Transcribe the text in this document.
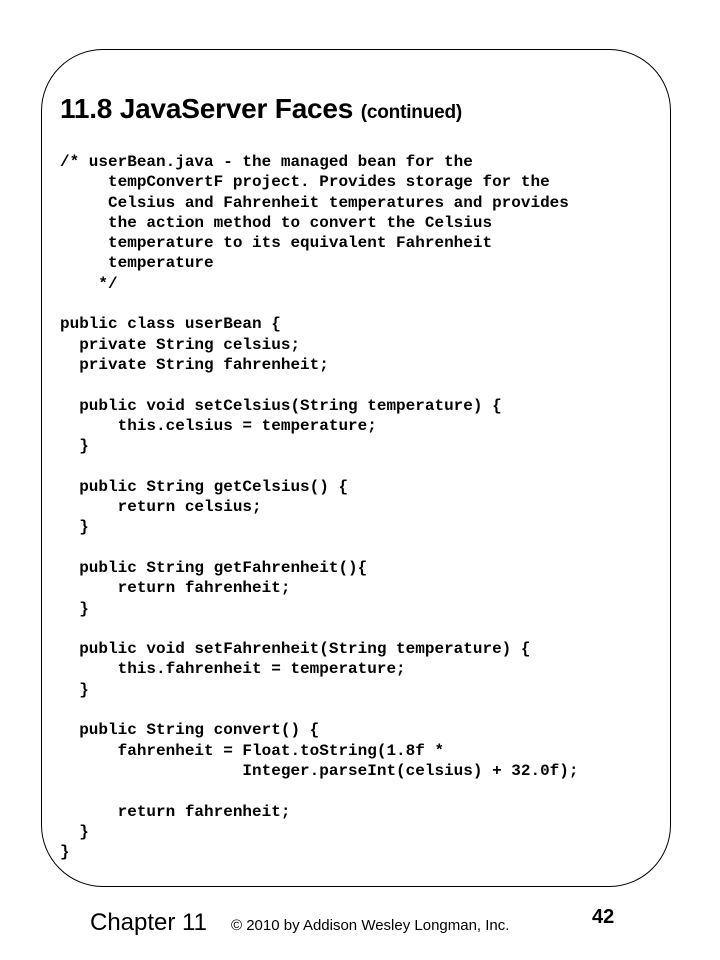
11.8 JavaServer Faces (continued)
/* userBean.java - the managed bean for the
tempConvertF project. Provides storage for the
Celsius and Fahrenheit temperatures and provides
the action method to convert the Celsius
temperature to its equivalent Fahrenheit
temperature
*/

public class userBean {
private String celsius;
private String fahrenheit;

public void setCelsius(String temperature) {
this.celsius = temperature;
}

public String getCelsius() {
return celsius;
}

public String getFahrenheit(){
return fahrenheit;
}

public void setFahrenheit(String temperature) {
this.fahrenheit = temperature;
}

public String convert() {
fahrenheit = Float.toString(1.8f *
Integer.parseInt(celsius) + 32.0f);

return fahrenheit;
}
}
Chapter 11 © 2010 by Addison Wesley Longman, Inc.	42
